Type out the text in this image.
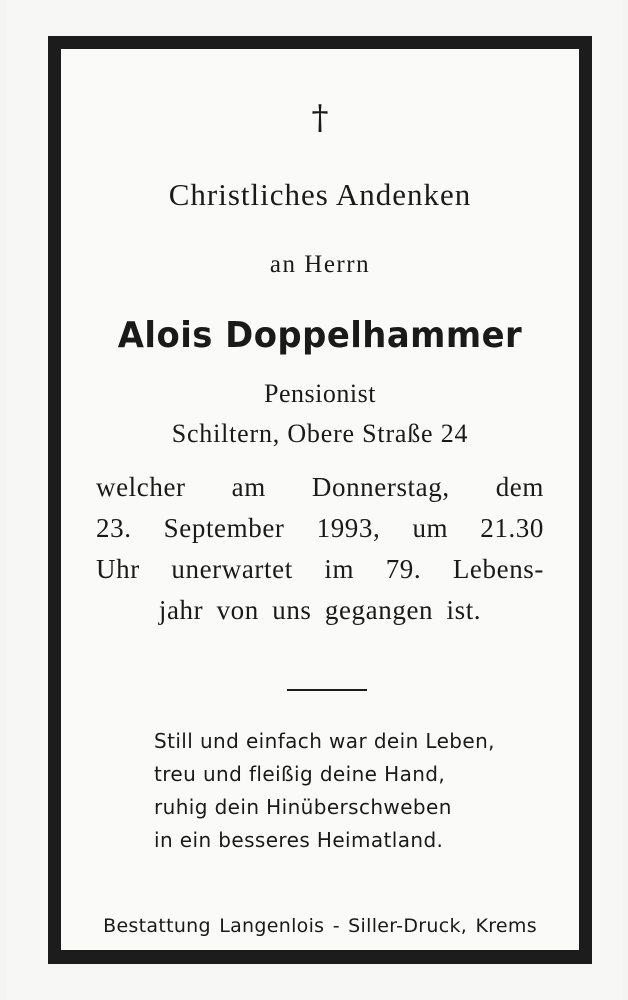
†
Christliches Andenken
an Herrn
Alois Doppelhammer
Pensionist
Schiltern, Obere Straße 24
welcher am Donnerstag, dem
23. September 1993, um 21.30
Uhr unerwartet im 79. Lebens-
jahr von uns gegangen ist.
Still und einfach war dein Leben,
treu und fleißig deine Hand,
ruhig dein Hinüberschweben
in ein besseres Heimatland.
Bestattung Langenlois - Siller-Druck, Krems
